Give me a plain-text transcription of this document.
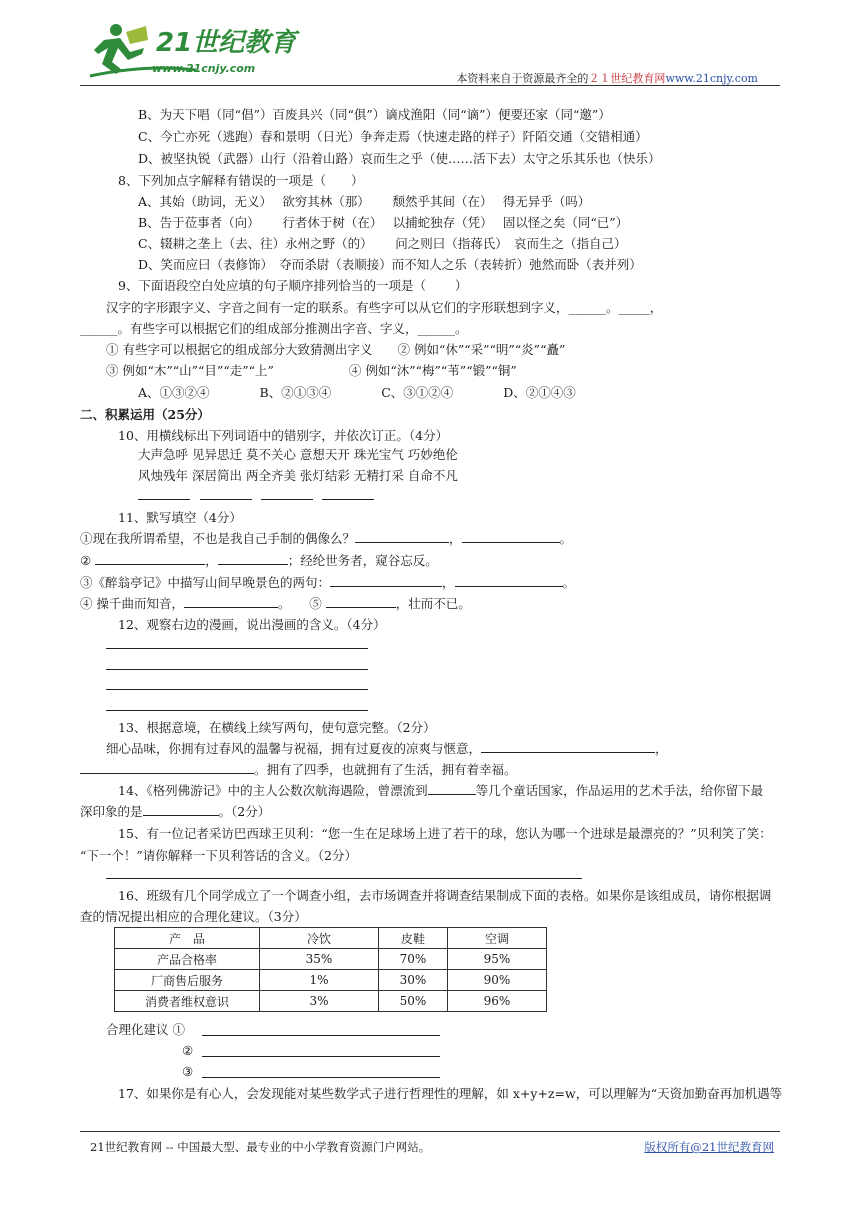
21世纪教育
www.21cnjy.com
本资料来自于资源最齐全的２１世纪教育网www.21cnjy.com
B、为天下唱（同“倡”）百废具兴（同“俱”）谪戍渔阳（同“谪”）便要还家（同“邀”）
C、今亡亦死（逃跑）春和景明（日光）争奔走焉（快速走路的样子）阡陌交通（交错相通）
D、被坚执锐（武器）山行（沿着山路）哀而生之乎（使……活下去）太守之乐其乐也（快乐）
8、下列加点字解释有错误的一项是（　　）
A、其始（助词，无义）　 欲穷其林（那）　　 颓然乎其间（在）　 得无异乎（吗）
B、告于莅事者（向）　　 行者休于树（在）　 以捕蛇独存（凭）　 固以怪之矣（同“已”）
C、辍耕之垄上（去、往）永州之野（的）　　 问之则曰（指蒋氏）　哀而生之（指自己）
D、笑而应曰（表修饰）　夺而杀尉（表顺接）而不知人之乐（表转折）弛然而卧（表并列）
9、下面语段空白处应填的句子顺序排列恰当的一项是（　　 ）
汉字的字形跟字义、字音之间有一定的联系。有些字可以从它们的字形联想到字义，______。_____，
______。有些字可以根据它们的组成部分推测出字音、字义，______。
① 有些字可以根据它的组成部分大致猜测出字义　　② 例如“休”“采”“明”“炎”“矗”
③ 例如“木”“山”“目”“走”“上”　　　　　　④ 例如“沐”“梅”“苇”“锻”“铜”
A、①③②④　　　　B、②①③④　　　　C、③①②④　　　　D、②①④③
二、积累运用（25分）
10、用横线标出下列词语中的错别字，并依次订正。（4分）
大声急呼 见异思迁 莫不关心 意想天开 珠光宝气 巧妙绝伦
风烛残年 深居简出 两全齐美 张灯结彩 无精打采 自命不凡
11、默写填空（4分）
①现在我所谓希望，不也是我自己手制的偶像么？	，	。
②	，	；经纶世务者，窥谷忘反。
③《醉翁亭记》中描写山间早晚景色的两句：	，	。
④ 操千曲而知音，	。　　⑤	，壮而不已。
12、观察右边的漫画，说出漫画的含义。（4分）
13、根据意境，在横线上续写两句，使句意完整。（2分）
细心品味，你拥有过春风的温馨与祝福，拥有过夏夜的凉爽与惬意，	，
。拥有了四季，也就拥有了生活，拥有着幸福。
14、《格列佛游记》中的主人公数次航海遇险，曾漂流到	等几个童话国家，作品运用的艺术手法，给你留下最
深印象的是	。（2分）
15、有一位记者采访巴西球王贝利：“您一生在足球场上进了若干的球，您认为哪一个进球是最漂亮的？”贝利笑了笑：
“下一个！”请你解释一下贝利答话的含义。（2分）
16、班级有几个同学成立了一个调查小组，去市场调查并将调查结果制成下面的表格。如果你是该组成员，请你根据调
查的情况提出相应的合理化建议。（3分）
产　品	冷饮	皮鞋	空调
产品合格率	35%	70%	95%
厂商售后服务	1%	30%	90%
消费者维权意识	3%	50%	96%
合理化建议 ①
②
③
17、如果你是有心人，会发现能对某些数学式子进行哲理性的理解，如 x+y+z=w，可以理解为“天资加勤奋再加机遇等
21世纪教育网 -- 中国最大型、最专业的中小学教育资源门户网站。	版权所有@21世纪教育网
